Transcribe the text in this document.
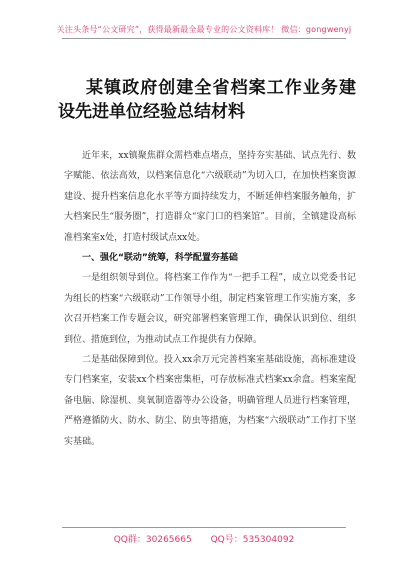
关注头条号“公文研究”，获得最新最全最专业的公文资料库！ 微信：gongwenyj
某镇政府创建全省档案工作业务建设先进单位经验总结材料

近年来，xx镇聚焦群众需档难点堵点，坚持夯实基础、试点先行、数字赋能、依法高效，以档案信息化“六级联动”为切入口，在加快档案资源建设、提升档案信息化水平等方面持续发力，不断延伸档案服务触角，扩大档案民生“服务圈”，打造群众“家门口的档案馆”。目前，全镇建设高标准档案室x处，打造村级试点xx处。

一、强化“联动”统筹，科学配置夯基础

一是组织领导到位。将档案工作作为“一把手工程”，成立以党委书记为组长的档案“六级联动”工作领导小组，制定档案管理工作实施方案，多次召开档案工作专题会议，研究部署档案管理工作，确保认识到位、组织到位、措施到位，为推动试点工作提供有力保障。

二是基础保障到位。投入xx余万元完善档案室基础设施，高标准建设专门档案室，安装xx个档案密集柜，可存放标准式档案xx余盒。档案室配备电脑、除湿机、臭氧制造器等办公设备，明确管理人员进行档案管理，严格遵循防火、防水、防尘、防虫等措施，为档案“六级联动”工作打下坚实基础。

QQ群：30265665 QQ号：535304092
